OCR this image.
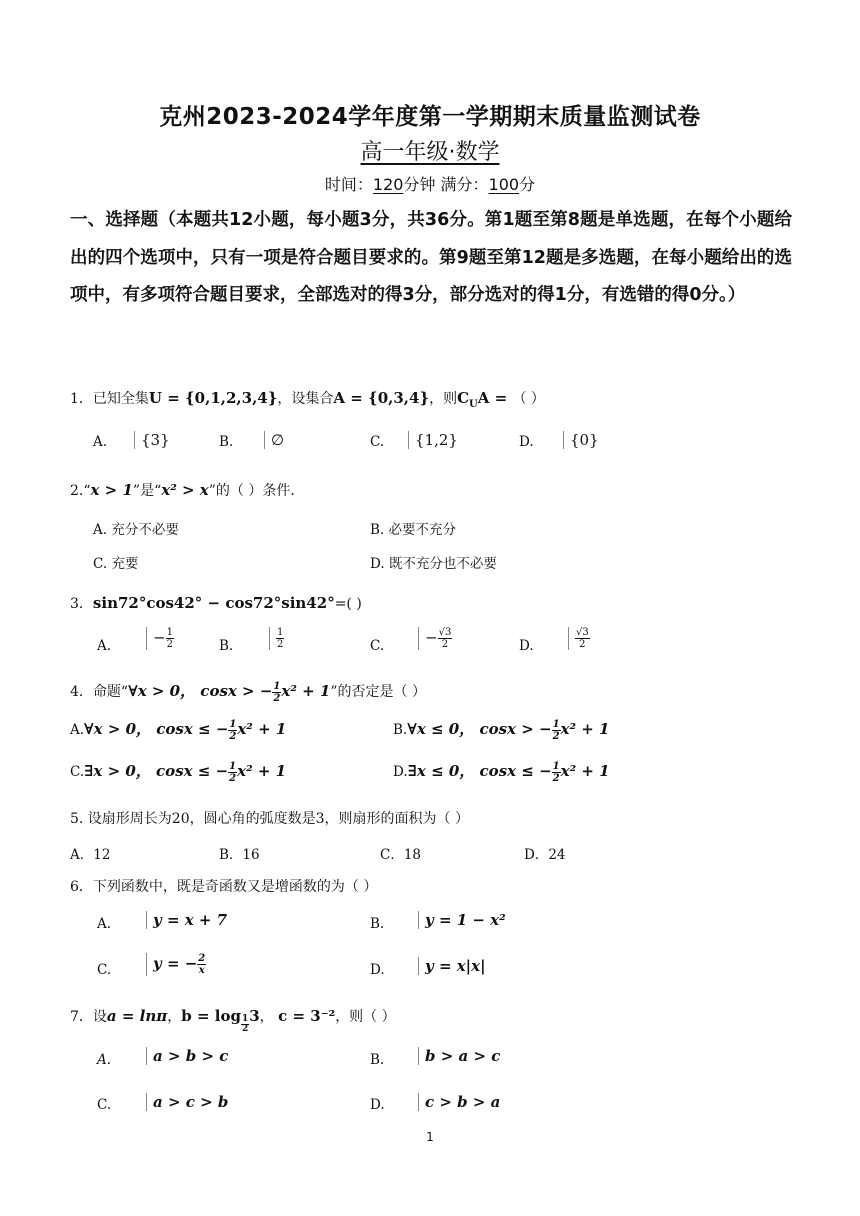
克州2023-2024学年度第一学期期末质量监测试卷
高一年级·数学
时间：120分钟 满分：100分
一、选择题（本题共12小题，每小题3分，共36分。第1题至第8题是单选题，在每个小题给出的四个选项中，只有一项是符合题目要求的。第9题至第12题是多选题，在每小题给出的选项中，有多项符合题目要求，全部选对的得3分，部分选对的得1分，有选错的得0分。）
1．已知全集U = {0,1,2,3,4}，设集合A = {0,3,4}，则$C_UA$ = （ ）
A.	{3}	B.	∅	C.	{1,2}	D.	{0}
2.“x > 1”是“x² > x”的（ ）条件.
A. 充分不必要	B. 必要不充分
C. 充要	D. 既不充分也不必要
3．sin72°cos42° − cos72°sin42°=( )
A.	− $\frac{1}{2}$	B.	$\frac{1}{2}$	C.	− $\frac{√3}{2}$	D.	$\frac{√3}{2}$
4．命题“∀x > 0， cosx > − $\frac{1}{2} x^2 + 1$”的否定是（ ）
A.∀x > 0， cosx ≤ − $\frac{1}{2} x^2 + 1$	B.∀x ≤ 0， cosx > − $\frac{1}{2} x^2 + 1$
C.∃x > 0， cosx ≤ − $\frac{1}{2} x^2 + 1$	D.∃x ≤ 0， cosx ≤ − $\frac{1}{2} x^2 + 1$
5. 设扇形周长为20，圆心角的弧度数是3，则扇形的面积为（ ）
A．12	B．16	C．18	D．24
6．下列函数中，既是奇函数又是增函数的为（ ）
A.	y = x + 7	B.	y = 1 − x²
C.	y = − $\frac{2}{x}$	D.	y = x|x|
7．设a = lnπ，$b = \log \frac{1}{2} 3$， c = 3⁻²，则（ ）
A.	a > b > c	B.	b > a > c
C.	a > c > b	D.	c > b > a
1
